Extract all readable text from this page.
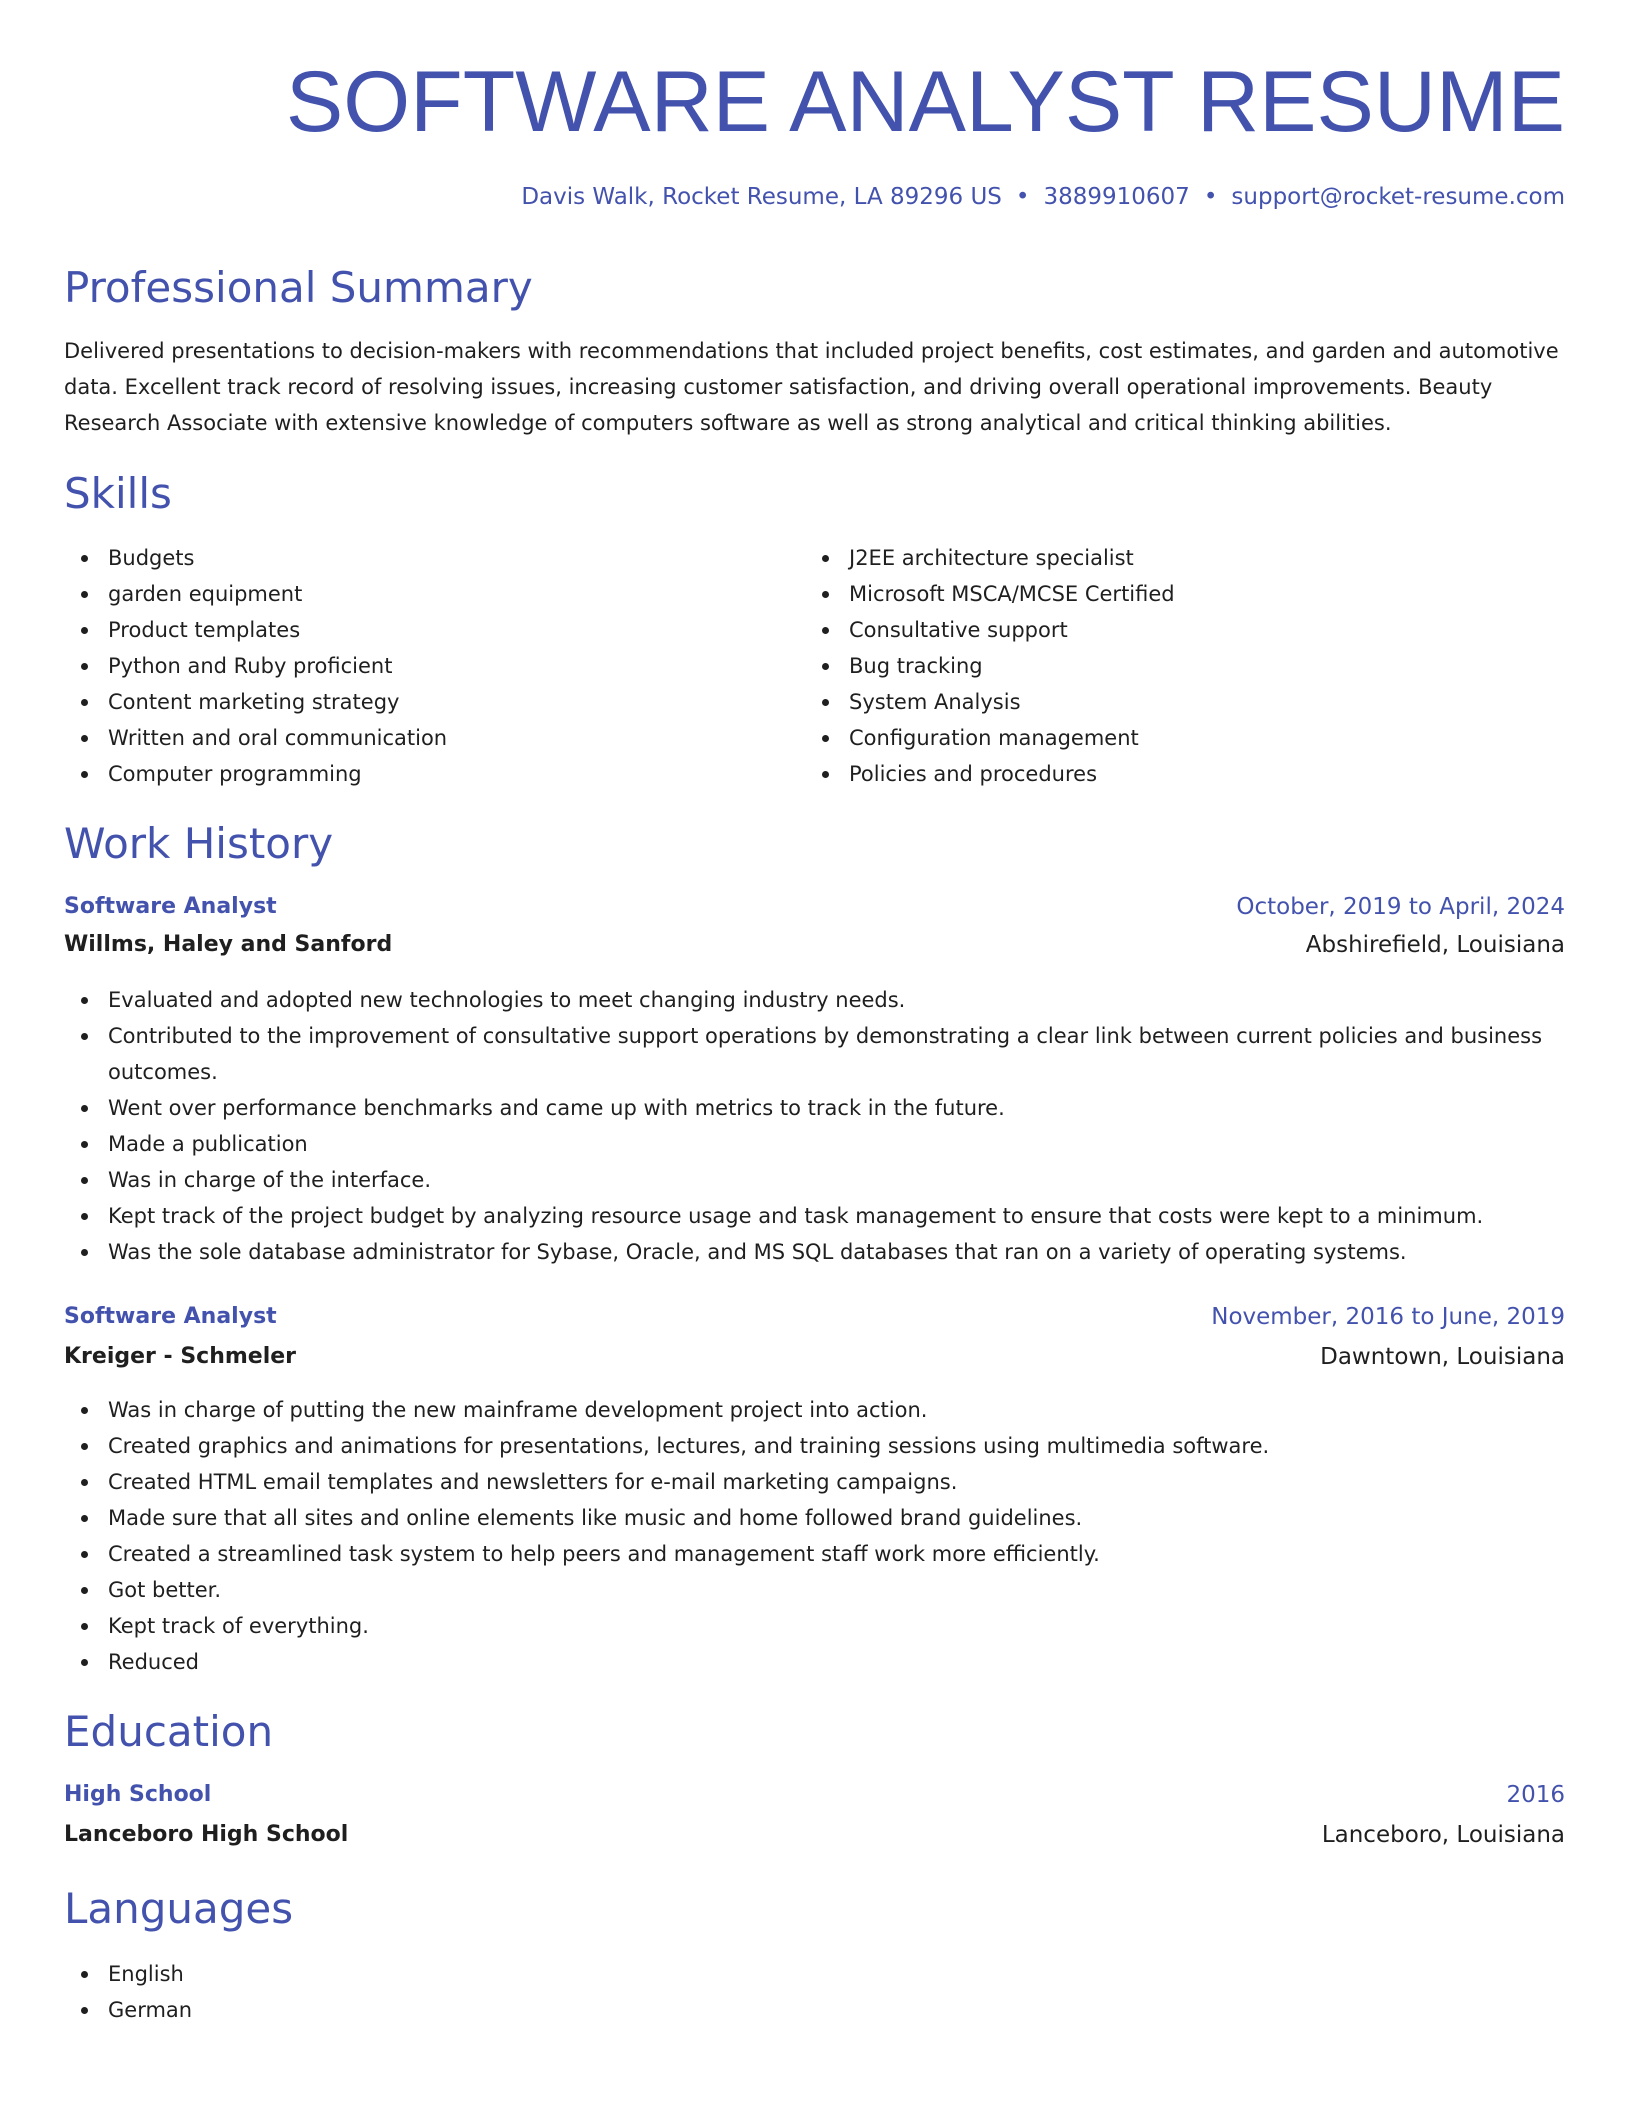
SOFTWARE ANALYST RESUME
Davis Walk, Rocket Resume, LA 89296 US • 3889910607 • support@rocket-resume.com
Professional Summary
Delivered presentations to decision-makers with recommendations that included project benefits, cost estimates, and garden and automotive data. Excellent track record of resolving issues, increasing customer satisfaction, and driving overall operational improvements. Beauty Research Associate with extensive knowledge of computers software as well as strong analytical and critical thinking abilities.
Skills
Budgets
garden equipment
Product templates
Python and Ruby proficient
Content marketing strategy
Written and oral communication
Computer programming
J2EE architecture specialist
Microsoft MSCA/MCSE Certified
Consultative support
Bug tracking
System Analysis
Configuration management
Policies and procedures
Work History
Software Analyst	October, 2019 to April, 2024
Willms, Haley and Sanford	Abshirefield, Louisiana
Evaluated and adopted new technologies to meet changing industry needs.
Contributed to the improvement of consultative support operations by demonstrating a clear link between current policies and business outcomes.
Went over performance benchmarks and came up with metrics to track in the future.
Made a publication
Was in charge of the interface.
Kept track of the project budget by analyzing resource usage and task management to ensure that costs were kept to a minimum.
Was the sole database administrator for Sybase, Oracle, and MS SQL databases that ran on a variety of operating systems.
Software Analyst	November, 2016 to June, 2019
Kreiger - Schmeler	Dawntown, Louisiana
Was in charge of putting the new mainframe development project into action.
Created graphics and animations for presentations, lectures, and training sessions using multimedia software.
Created HTML email templates and newsletters for e-mail marketing campaigns.
Made sure that all sites and online elements like music and home followed brand guidelines.
Created a streamlined task system to help peers and management staff work more efficiently.
Got better.
Kept track of everything.
Reduced
Education
High School	2016
Lanceboro High School	Lanceboro, Louisiana
Languages
English
German
